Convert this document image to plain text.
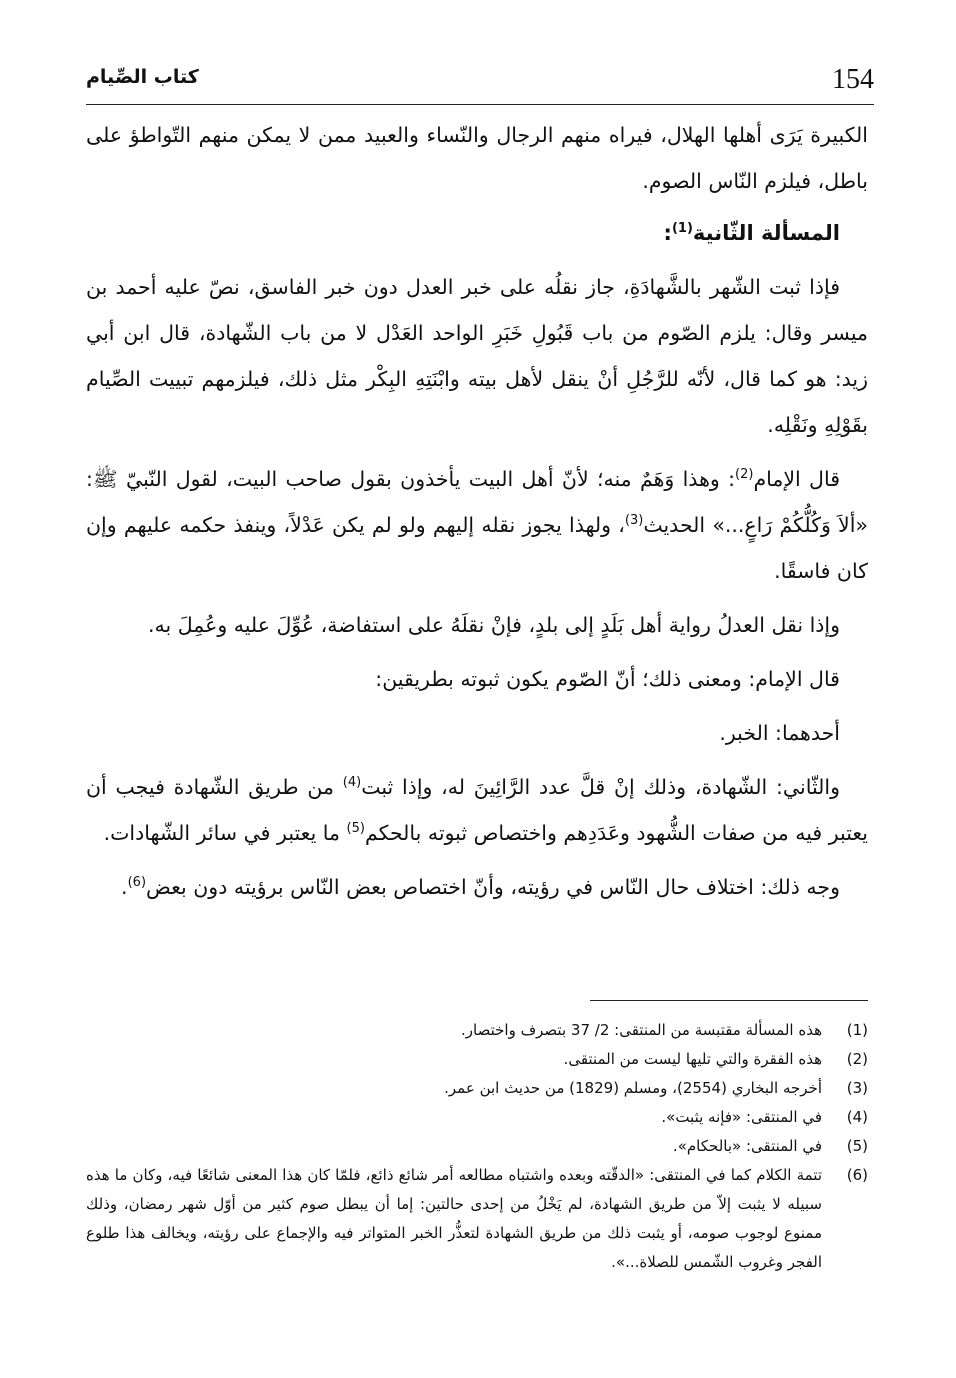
154
كتاب الصِّيام

الكبيرة يَرَى أهلها الهلال، فيراه منهم الرجال والنّساء والعبيد ممن لا يمكن منهم التّواطؤ على باطل، فيلزم النّاس الصوم.

المسألة الثّانية$^{(1)}$:

فإذا ثبت الشّهر بالشَّهادَةِ، جاز نقلُه على خبر العدل دون خبر الفاسق، نصّ عليه أحمد بن ميسر وقال: يلزم الصّوم من باب قَبُولِ خَبَرِ الواحد العَدْل لا من باب الشّهادة، قال ابن أبي زيد: هو كما قال، لأنّه للرَّجُلِ أنْ ينقل لأهل بيته وابْنَتِهِ البِكْر مثل ذلك، فيلزمهم تبييت الصِّيام بقَوْلِهِ ونَقْلِه.

قال الإمام$^{(2)}$: وهذا وَهَمٌ منه؛ لأنّ أهل البيت يأخذون بقول صاحب البيت، لقول النّبيّ ﷺ: «ألاَ وَكُلُّكُمْ رَاعٍ...» الحديث$^{(3)}$، ولهذا يجوز نقله إليهم ولو لم يكن عَدْلاً، وينفذ حكمه عليهم وإن كان فاسقًا.

وإذا نقل العدلُ رواية أهل بَلَدٍ إلى بلدٍ، فإنْ نقلَهُ على استفاضة، عُوِّلَ عليه وعُمِلَ به.

قال الإمام: ومعنى ذلك؛ أنّ الصّوم يكون ثبوته بطريقين:

أحدهما: الخبر.

والثّاني: الشّهادة، وذلك إنْ قلَّ عدد الرَّائِينَ له، وإذا ثبت$^{(4)}$ من طريق الشّهادة فيجب أن يعتبر فيه من صفات الشُّهود وعَدَدِهم واختصاص ثبوته بالحكم$^{(5)}$ ما يعتبر في سائر الشّهادات.

وجه ذلك: اختلاف حال النّاس في رؤيته، وأنّ اختصاص بعض النّاس برؤيته دون بعض$^{(6)}$.

(1)
هذه المسألة مقتبسة من المنتقى: 2/ 37 بتصرف واختصار.
(2)
هذه الفقرة والتي تليها ليست من المنتقى.
(3)
أخرجه البخاري (2554)، ومسلم (1829) من حديث ابن عمر.
(4)
في المنتقى: «فإنه يثبت».
(5)
في المنتقى: «بالحكام».
(6)
تتمة الكلام كما في المنتقى: «الدقّته وبعده واشتباه مطالعه أمر شائع ذائع، فلمّا كان هذا المعنى شائعًا فيه، وكان ما هذه سبيله لا يثبت إلاّ من طريق الشهادة، لم يَخْلُ من إحدى حالتين: إما أن يبطل صوم كثير من أوّل شهر رمضان، وذلك ممنوع لوجوب صومه، أو يثبت ذلك من طريق الشهادة لتعذُّر الخبر المتواتر فيه والإجماع على رؤيته، ويخالف هذا طلوع الفجر وغروب الشّمس للصلاة...».
